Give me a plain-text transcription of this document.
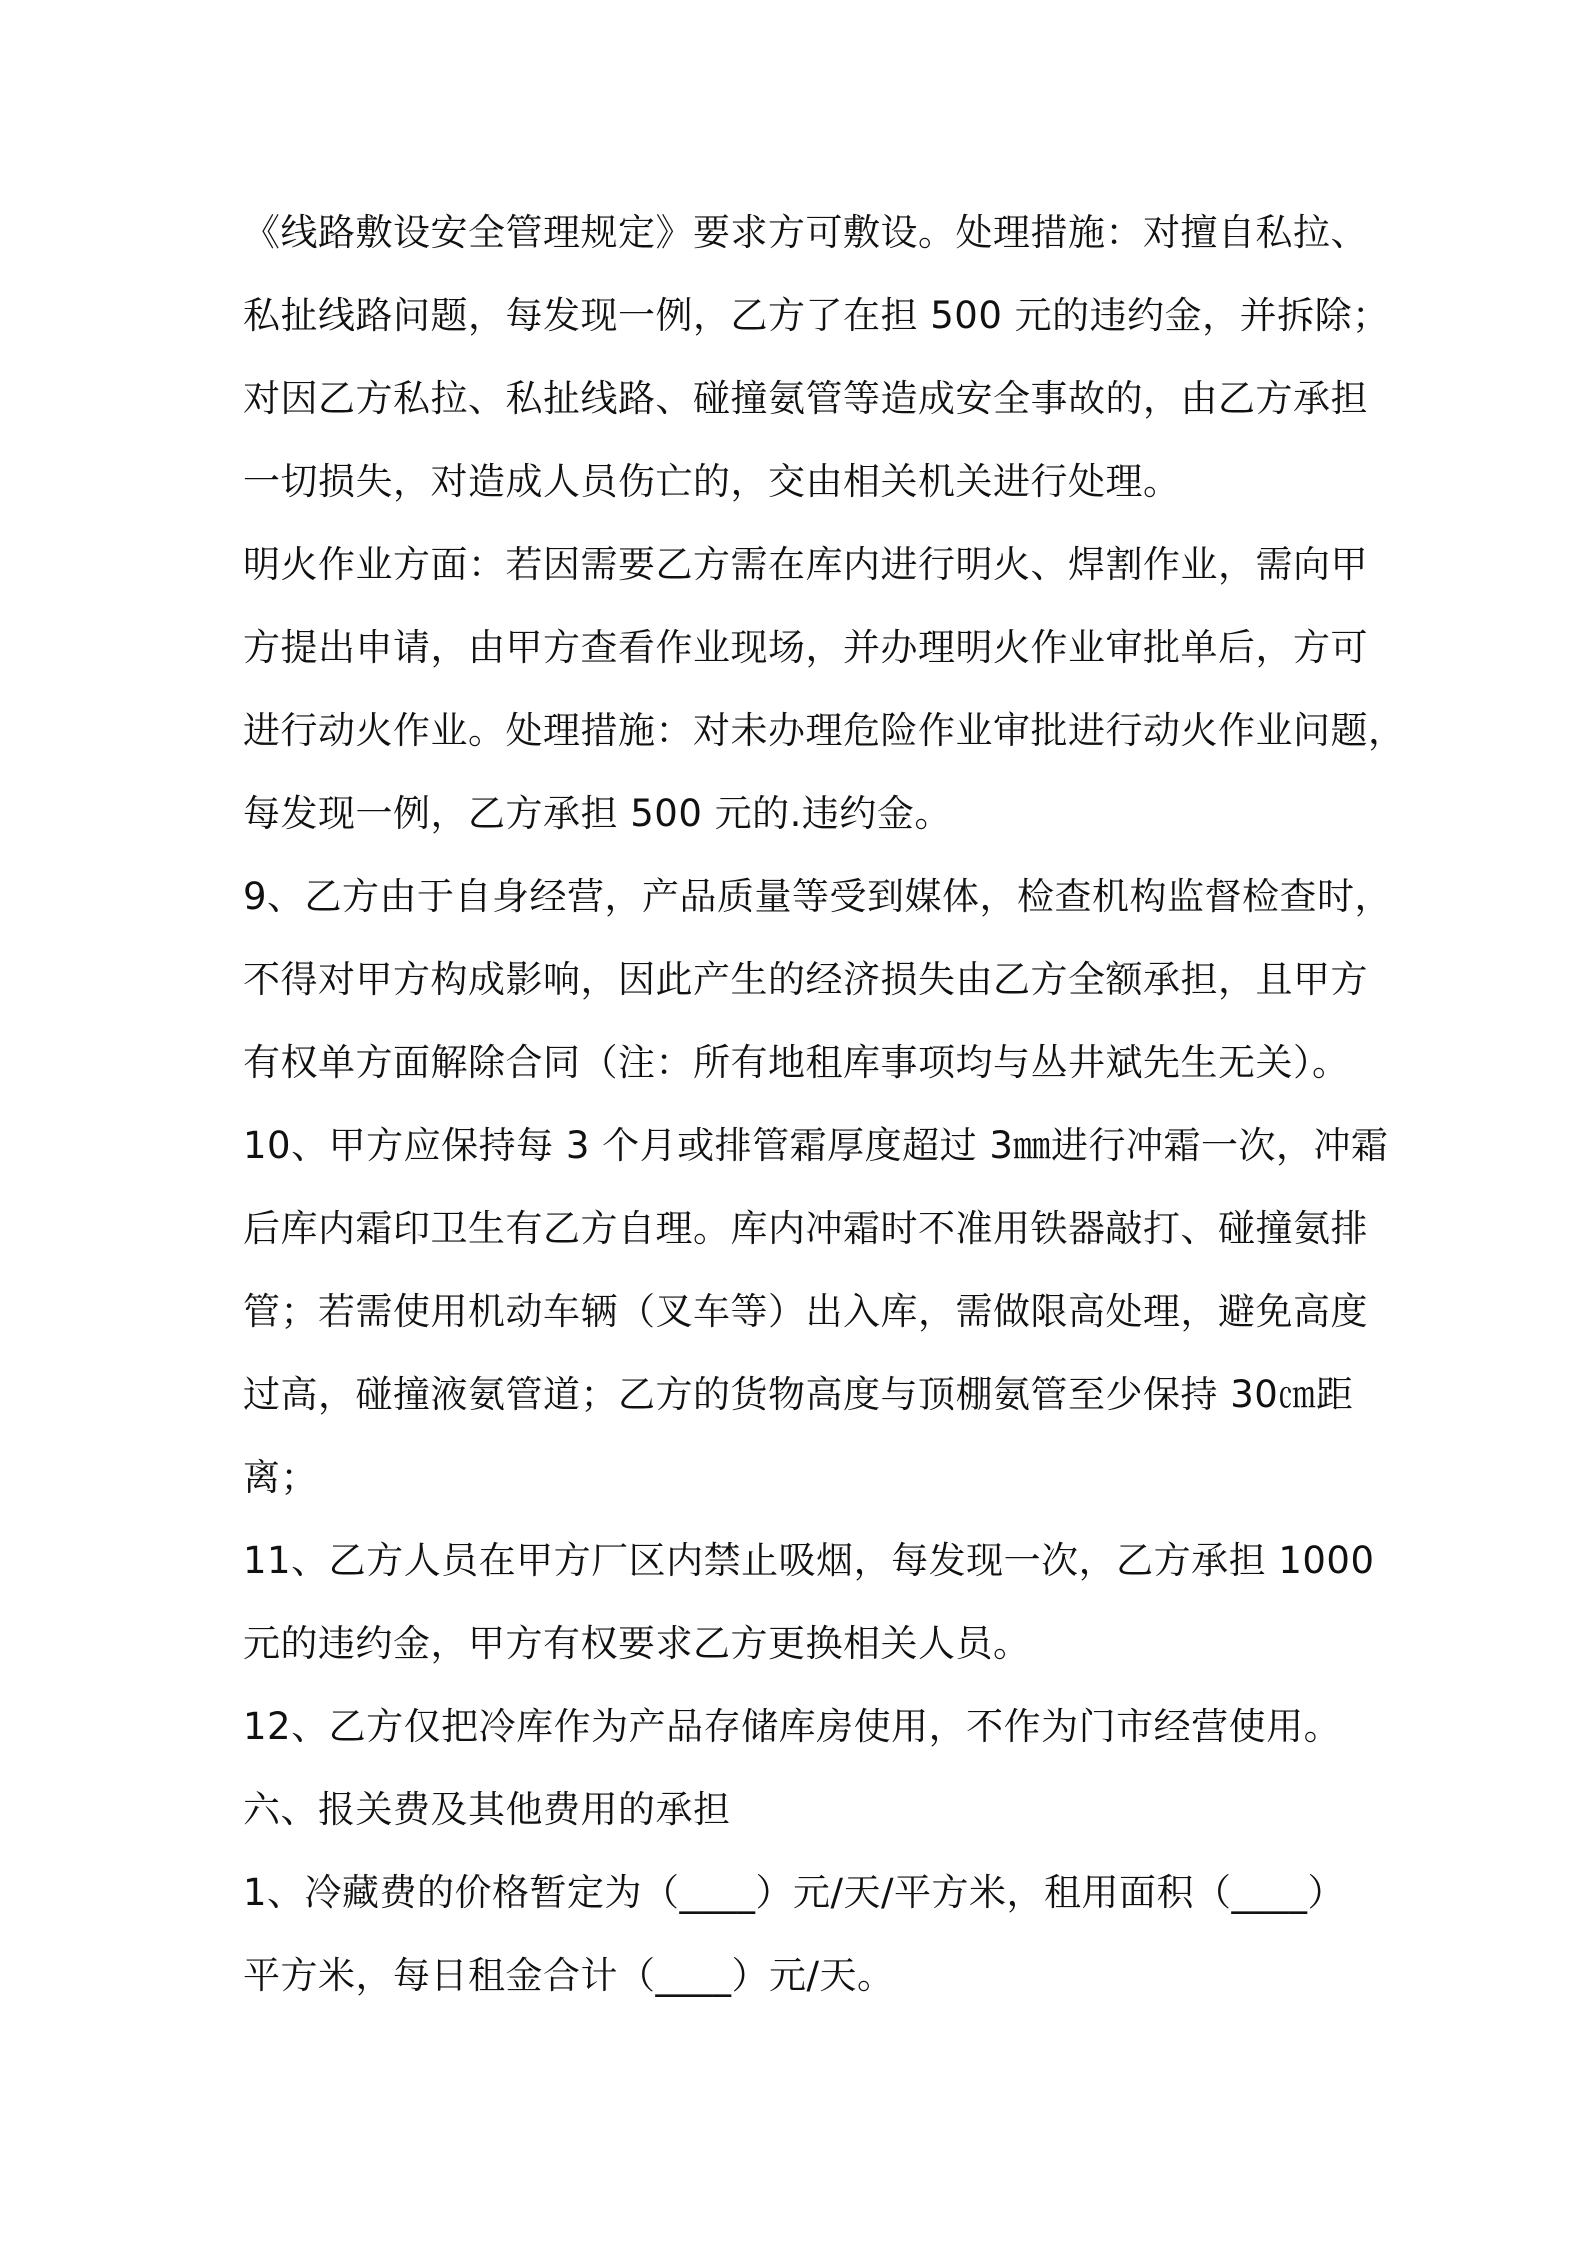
《线路敷设安全管理规定》要求方可敷设。处理措施：对擅自私拉、
私扯线路问题，每发现一例，乙方了在担 500 元的违约金，并拆除；
对因乙方私拉、私扯线路、碰撞氨管等造成安全事故的，由乙方承担
一切损失，对造成人员伤亡的，交由相关机关进行处理。
明火作业方面：若因需要乙方需在库内进行明火、焊割作业，需向甲
方提出申请，由甲方查看作业现场，并办理明火作业审批单后，方可
进行动火作业。处理措施：对未办理危险作业审批进行动火作业问题，
每发现一例，乙方承担 500 元的.违约金。
9、乙方由于自身经营，产品质量等受到媒体，检查机构监督检查时，
不得对甲方构成影响，因此产生的经济损失由乙方全额承担，且甲方
有权单方面解除合同（注：所有地租库事项均与丛井斌先生无关）。
10、甲方应保持每 3 个月或排管霜厚度超过 3㎜进行冲霜一次，冲霜
后库内霜印卫生有乙方自理。库内冲霜时不准用铁器敲打、碰撞氨排
管；若需使用机动车辆（叉车等）出入库，需做限高处理，避免高度
过高，碰撞液氨管道；乙方的货物高度与顶棚氨管至少保持 30㎝距
离；
11、乙方人员在甲方厂区内禁止吸烟，每发现一次，乙方承担 1000
元的违约金，甲方有权要求乙方更换相关人员。
12、乙方仅把冷库作为产品存储库房使用，不作为门市经营使用。
六、报关费及其他费用的承担
1、冷藏费的价格暂定为（____）元/天/平方米，租用面积（____）
平方米，每日租金合计（____）元/天。
